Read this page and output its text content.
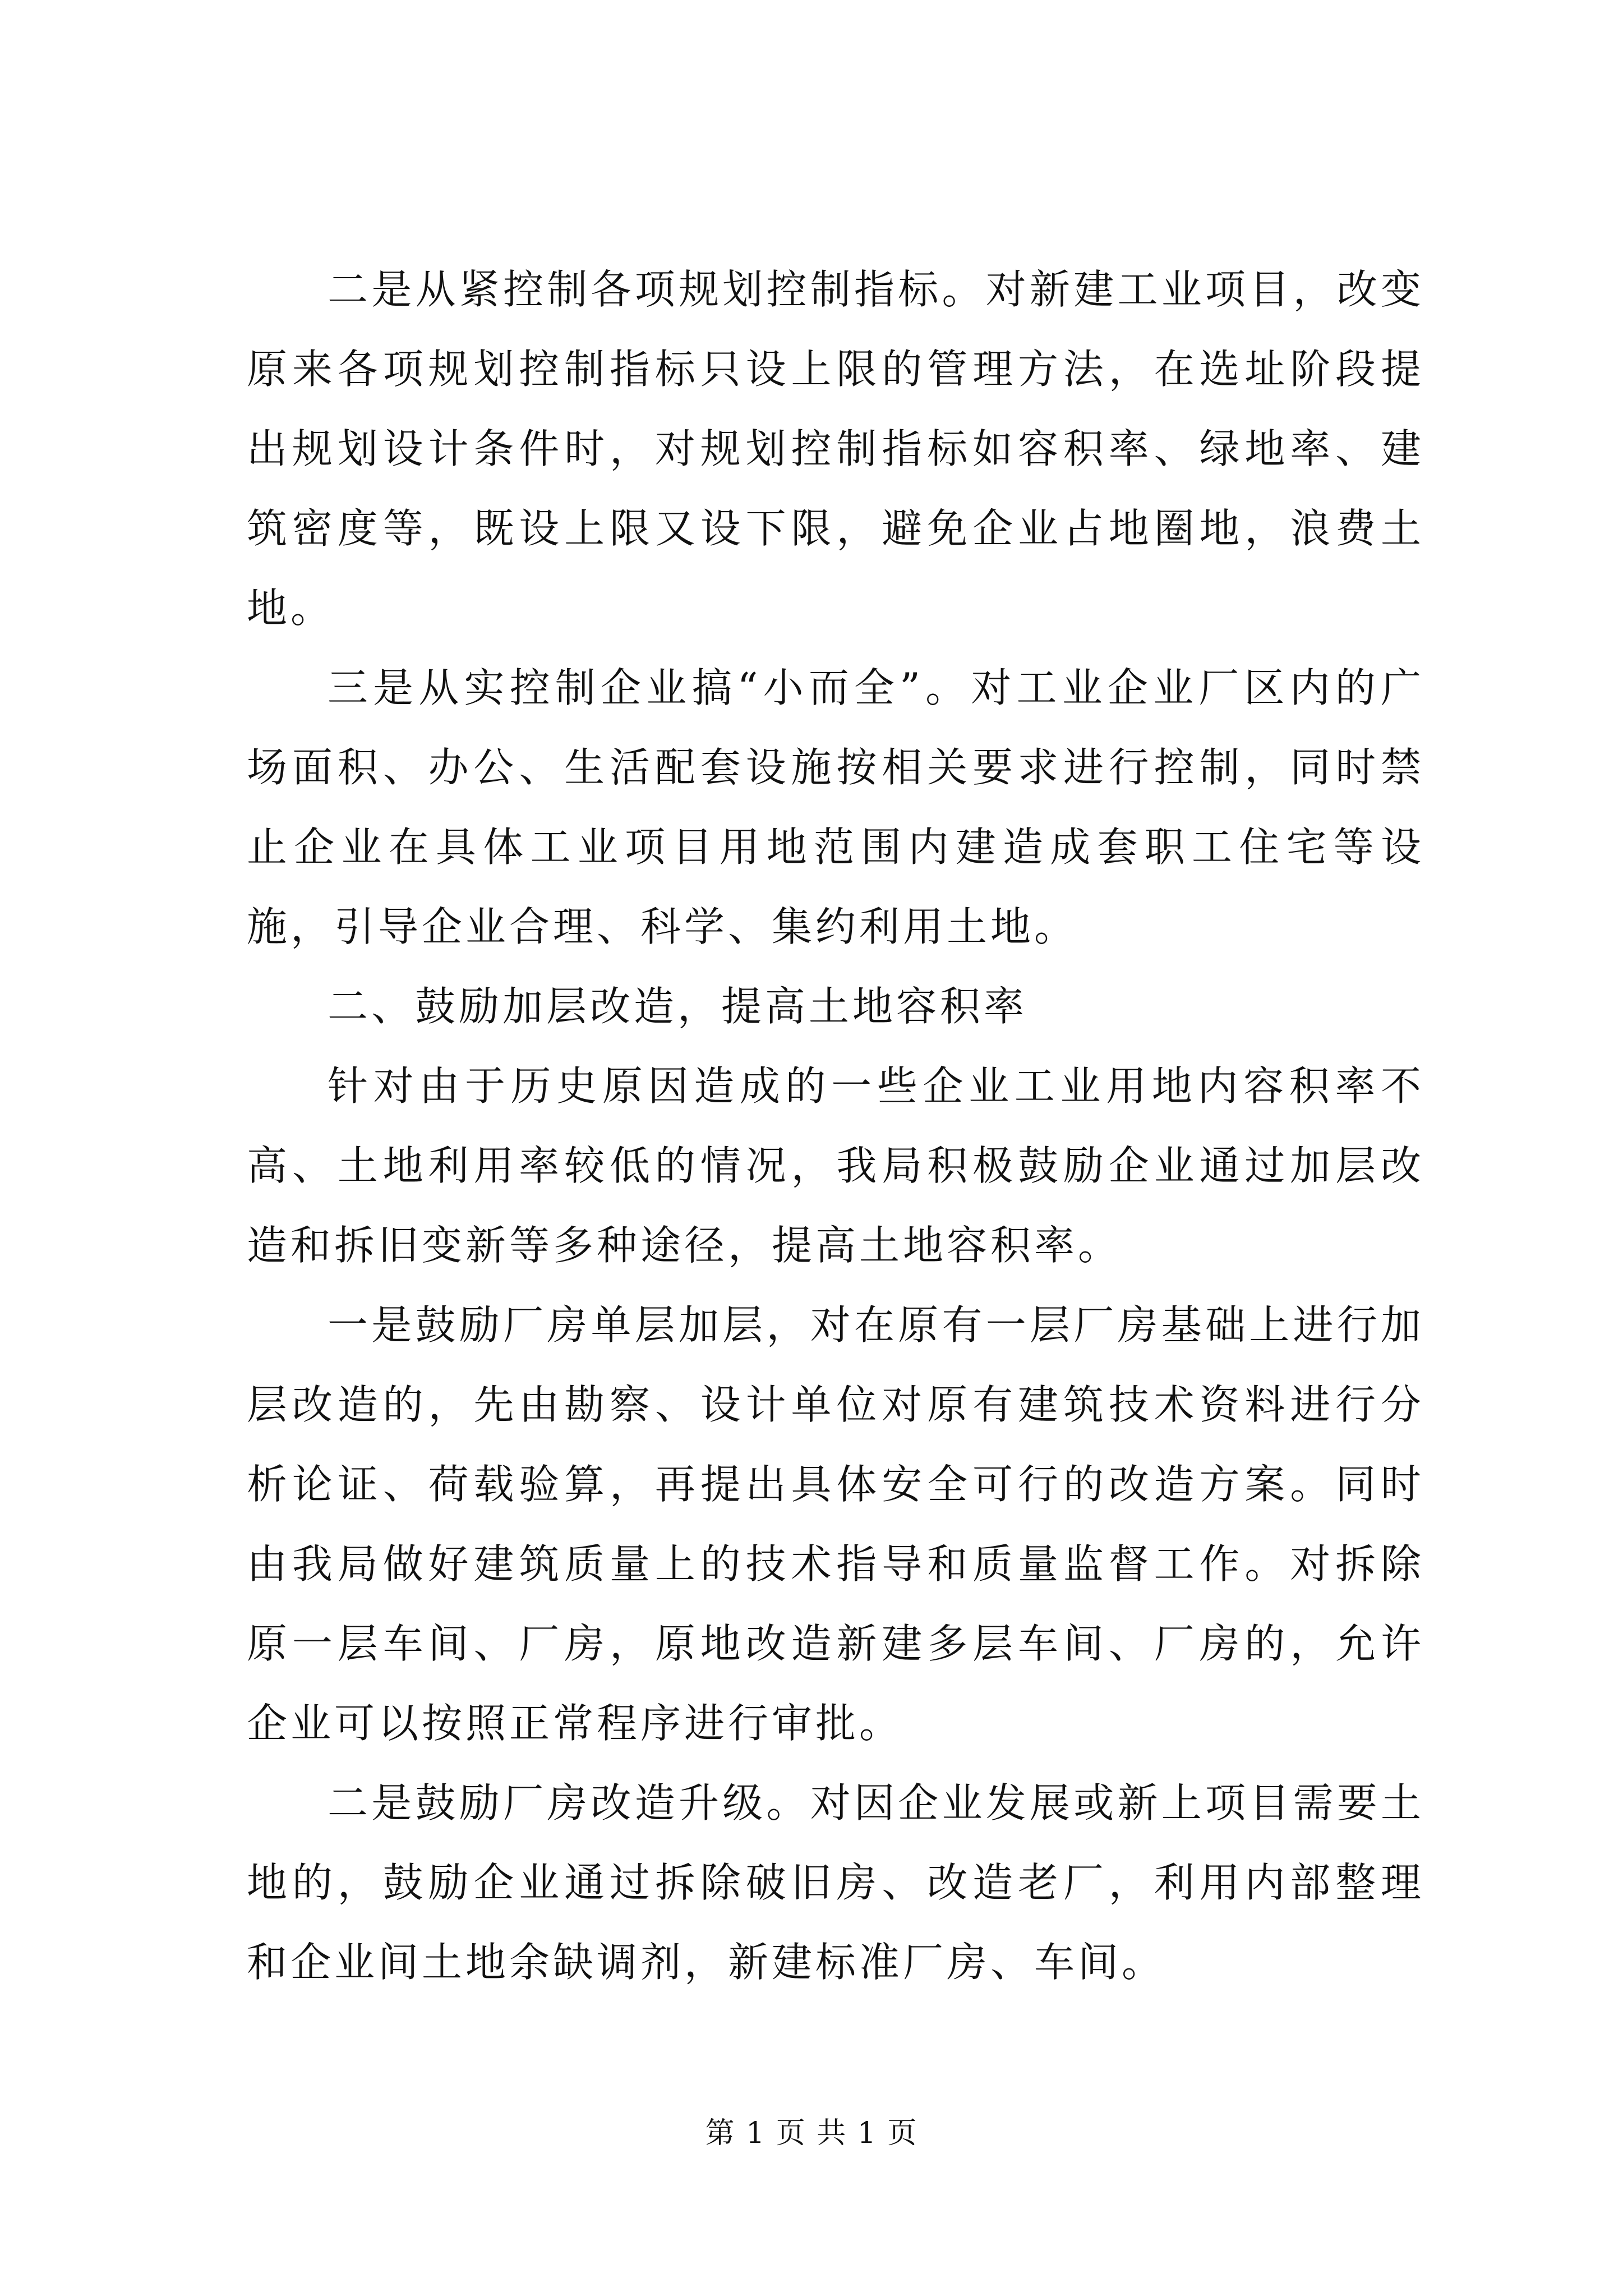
二是从紧控制各项规划控制指标。对新建工业项目，改变原来各项规划控制指标只设上限的管理方法，在选址阶段提出规划设计条件时，对规划控制指标如容积率、绿地率、建筑密度等，既设上限又设下限，避免企业占地圈地，浪费土地。

三是从实控制企业搞“小而全”。对工业企业厂区内的广场面积、办公、生活配套设施按相关要求进行控制，同时禁止企业在具体工业项目用地范围内建造成套职工住宅等设施，引导企业合理、科学、集约利用土地。

二、鼓励加层改造，提高土地容积率

针对由于历史原因造成的一些企业工业用地内容积率不高、土地利用率较低的情况，我局积极鼓励企业通过加层改造和拆旧变新等多种途径，提高土地容积率。

一是鼓励厂房单层加层，对在原有一层厂房基础上进行加层改造的，先由勘察、设计单位对原有建筑技术资料进行分析论证、荷载验算，再提出具体安全可行的改造方案。同时由我局做好建筑质量上的技术指导和质量监督工作。对拆除原一层车间、厂房，原地改造新建多层车间、厂房的，允许企业可以按照正常程序进行审批。

二是鼓励厂房改造升级。对因企业发展或新上项目需要土地的，鼓励企业通过拆除破旧房、改造老厂，利用内部整理和企业间土地余缺调剂，新建标准厂房、车间。

第 1 页 共 1 页
